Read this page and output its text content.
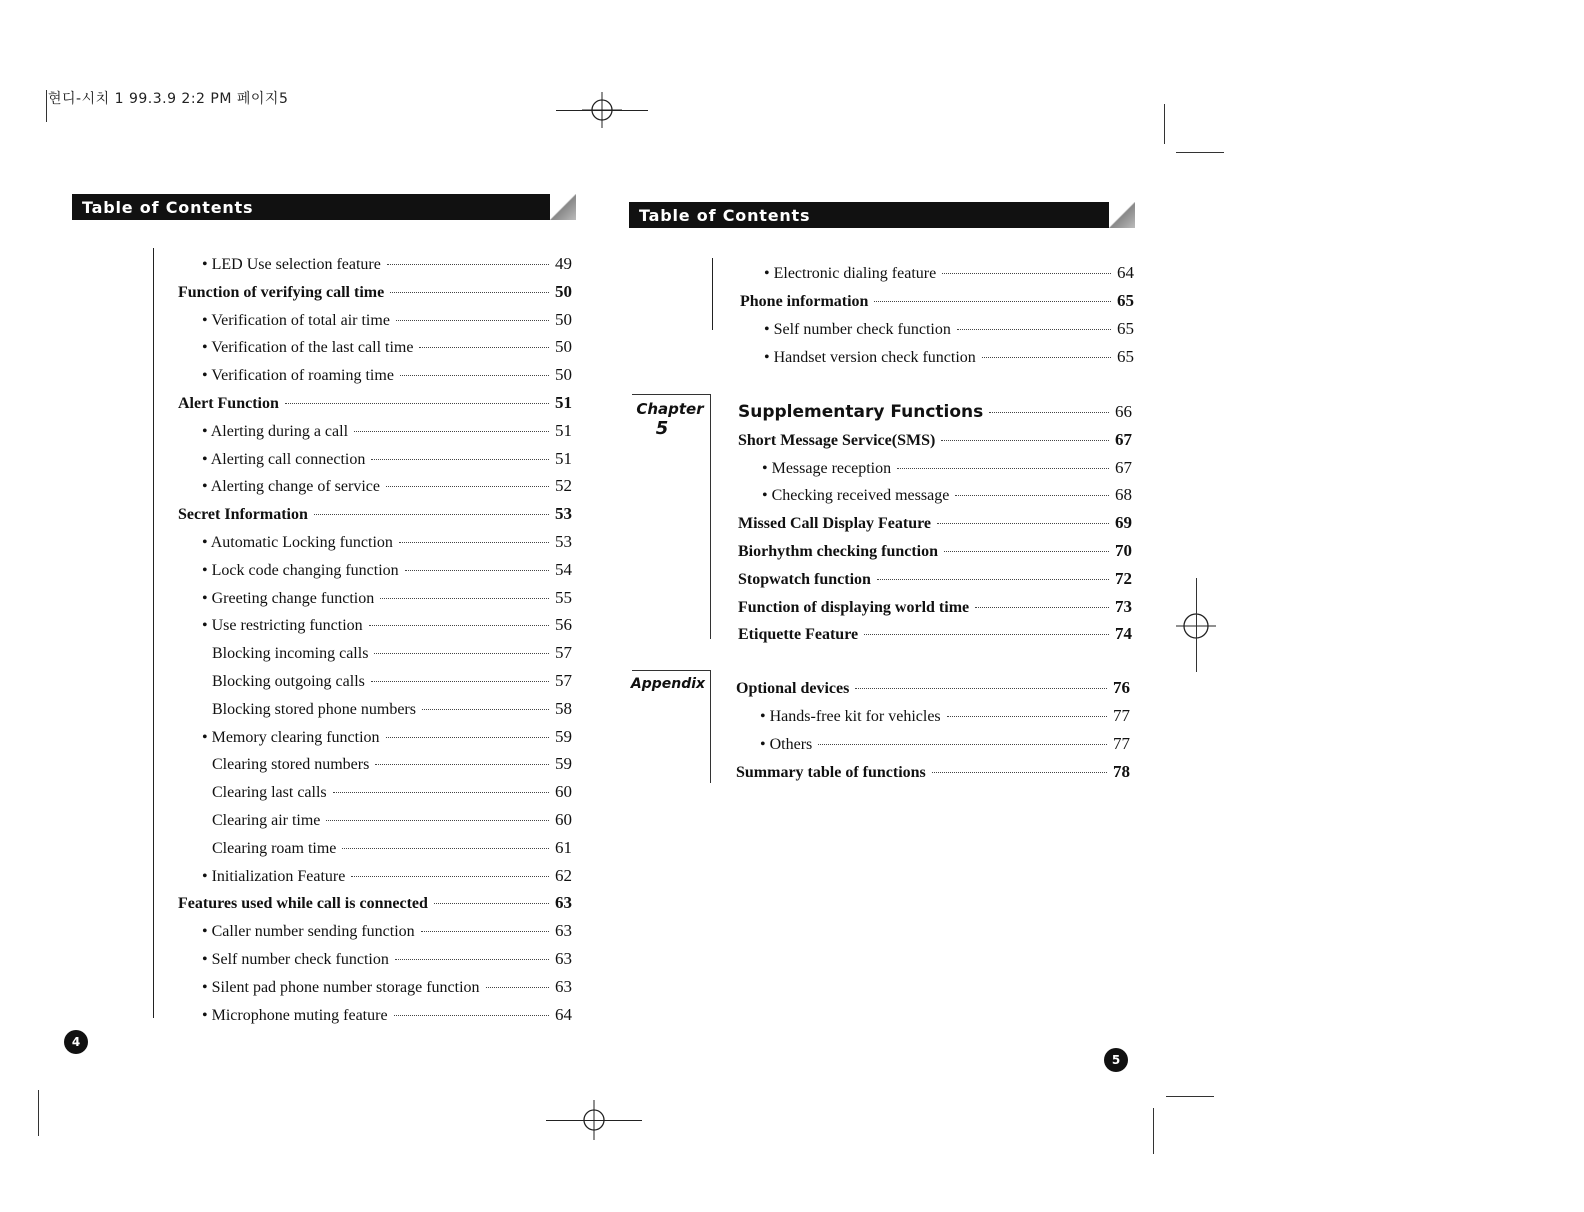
현디-시치 1 99.3.9 2:2 PM 페이지5
Table of Contents
• LED Use selection feature	49
Function of verifying call time	50
• Verification of total air time	50
• Verification of the last call time	50
• Verification of roaming time	50
Alert Function	51
• Alerting during a call	51
• Alerting call connection	51
• Alerting change of service	52
Secret Information	53
• Automatic Locking function	53
• Lock code changing function	54
• Greeting change function	55
• Use restricting function	56
Blocking incoming calls	57
Blocking outgoing calls	57
Blocking stored phone numbers	58
• Memory clearing function	59
Clearing stored numbers	59
Clearing last calls	60
Clearing air time	60
Clearing roam time	61
• Initialization Feature	62
Features used while call is connected	63
• Caller number sending function	63
• Self number check function	63
• Silent pad phone number storage function	63
• Microphone muting feature	64
4
Table of Contents
Chapter
5
Appendix
• Electronic dialing feature	64
Phone information	65
• Self number check function	65
• Handset version check function	65
Supplementary Functions	66
Short Message Service(SMS)	67
• Message reception	67
• Checking received message	68
Missed Call Display Feature	69
Biorhythm checking function	70
Stopwatch function	72
Function of displaying world time	73
Etiquette Feature	74
Optional devices	76
• Hands-free kit for vehicles	77
• Others	77
Summary table of functions	78
5
